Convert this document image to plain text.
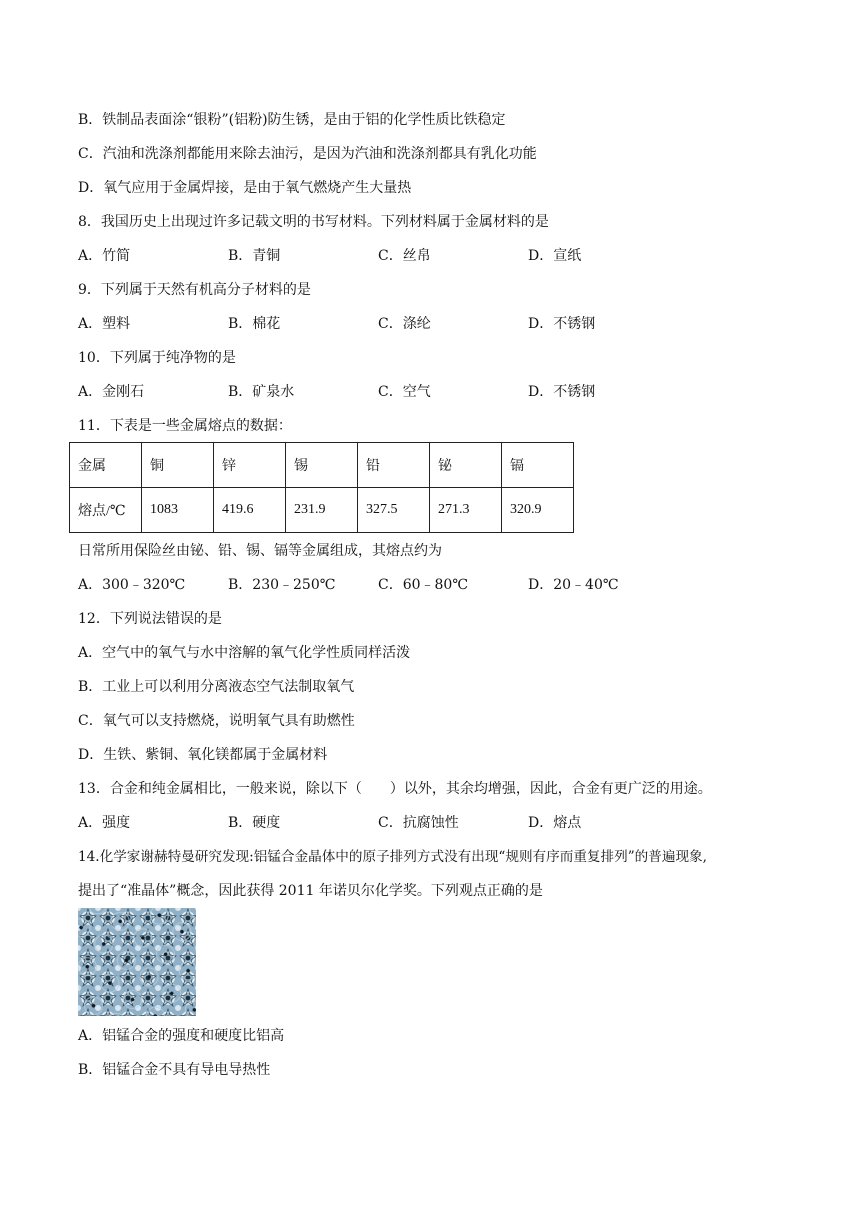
B．铁制品表面涂“银粉”(铝粉)防生锈，是由于铝的化学性质比铁稳定
C．汽油和洗涤剂都能用来除去油污，是因为汽油和洗涤剂都具有乳化功能
D．氧气应用于金属焊接，是由于氧气燃烧产生大量热
8．我国历史上出现过许多记载文明的书写材料。下列材料属于金属材料的是
A．竹简	B．青铜	C．丝帛	D．宣纸
9．下列属于天然有机高分子材料的是
A．塑料	B．棉花	C．涤纶	D．不锈钢
10．下列属于纯净物的是
A．金刚石	B．矿泉水	C．空气	D．不锈钢
11．下表是一些金属熔点的数据：
金属	铜	锌	锡	铅	铋	镉
熔点/℃	1083	419.6	231.9	327.5	271.3	320.9
日常所用保险丝由铋、铅、锡、镉等金属组成，其熔点约为
A．300﹣320℃	B．230﹣250℃	C．60﹣80℃	D．20﹣40℃
12．下列说法错误的是
A．空气中的氧气与水中溶解的氧气化学性质同样活泼
B．工业上可以利用分离液态空气法制取氧气
C．氧气可以支持燃烧，说明氧气具有助燃性
D．生铁、紫铜、氧化镁都属于金属材料
13．合金和纯金属相比，一般来说，除以下（　　）以外，其余均增强，因此，合金有更广泛的用途。
A．强度	B．硬度	C．抗腐蚀性	D．熔点
14.化学家谢赫特曼研究发现:铝锰合金晶体中的原子排列方式没有出现“规则有序而重复排列”的普遍现象,
提出了“准晶体”概念，因此获得 2011 年诺贝尔化学奖。下列观点正确的是
A．铝锰合金的强度和硬度比铝高
B．铝锰合金不具有导电导热性
